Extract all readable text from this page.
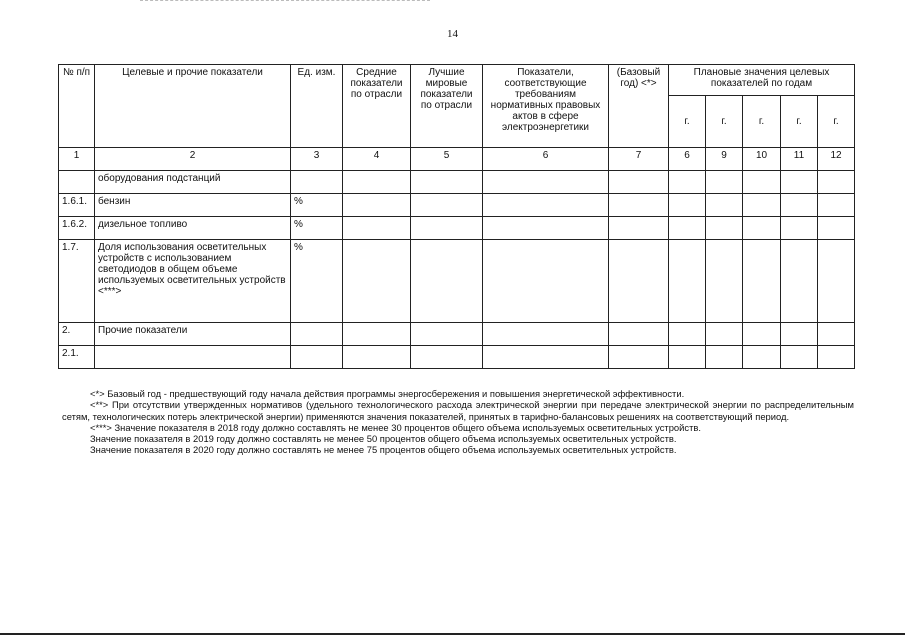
14
№ п/п	Целевые и прочие показатели	Ед. изм.	Средние показатели по отрасли	Лучшие мировые показатели по отрасли	Показатели, соответствующие требованиям нормативных правовых актов в сфере электроэнергетики	(Базовый год) <*>	Плановые значения целевых показателей по годам				
							г.	г.	г.	г.	г.
1	2	3	4	5	6	7	6	9	10	11	12
	оборудования подстанций										
1.6.1.	бензин	%									
1.6.2.	дизельное топливо	%									
1.7.	Доля использования осветительных устройств с использованием светодиодов в общем объеме используемых осветительных устройств <***>	%									
2.	Прочие показатели										
2.1.											

<*> Базовый год - предшествующий году начала действия программы энергосбережения и повышения энергетической эффективности.

<**> При отсутствии утвержденных нормативов (удельного технологического расхода электрической энергии при передаче электрической энергии по распределительным сетям, технологических потерь электрической энергии) применяются значения показателей, принятых в тарифно-балансовых решениях на соответствующий период.

<***> Значение показателя в 2018 году должно составлять не менее 30 процентов общего объема используемых осветительных устройств.

Значение показателя в 2019 году должно составлять не менее 50 процентов общего объема используемых осветительных устройств.

Значение показателя в 2020 году должно составлять не менее 75 процентов общего объема используемых осветительных устройств.
